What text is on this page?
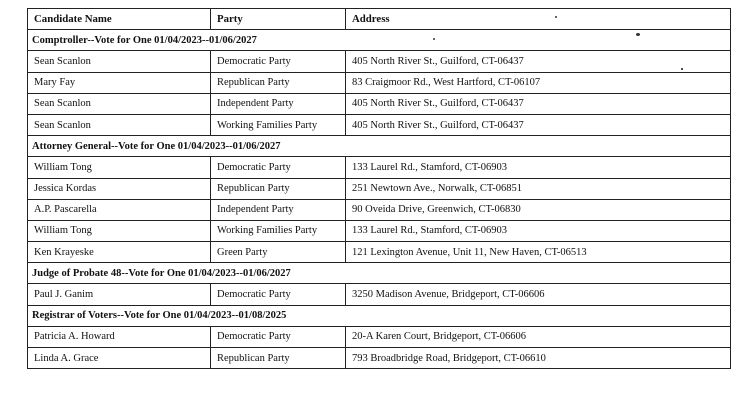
Candidate Name	Party	Address
Comptroller--Vote for One 01/04/2023--01/06/2027		
Sean Scanlon	Democratic Party	405 North River St., Guilford, CT-06437
Mary Fay	Republican Party	83 Craigmoor Rd., West Hartford, CT-06107
Sean Scanlon	Independent Party	405 North River St., Guilford, CT-06437
Sean Scanlon	Working Families Party	405 North River St., Guilford, CT-06437
Attorney General--Vote for One 01/04/2023--01/06/2027		
William Tong	Democratic Party	133 Laurel Rd., Stamford, CT-06903
Jessica Kordas	Republican Party	251 Newtown Ave., Norwalk, CT-06851
A.P. Pascarella	Independent Party	90 Oveida Drive, Greenwich, CT-06830
William Tong	Working Families Party	133 Laurel Rd., Stamford, CT-06903
Ken Krayeske	Green Party	121 Lexington Avenue, Unit 11, New Haven, CT-06513
Judge of Probate 48--Vote for One 01/04/2023--01/06/2027		
Paul J. Ganim	Democratic Party	3250 Madison Avenue, Bridgeport, CT-06606
Registrar of Voters--Vote for One 01/04/2023--01/08/2025		
Patricia A. Howard	Democratic Party	20-A Karen Court, Bridgeport, CT-06606
Linda A. Grace	Republican Party	793 Broadbridge Road, Bridgeport, CT-06610
